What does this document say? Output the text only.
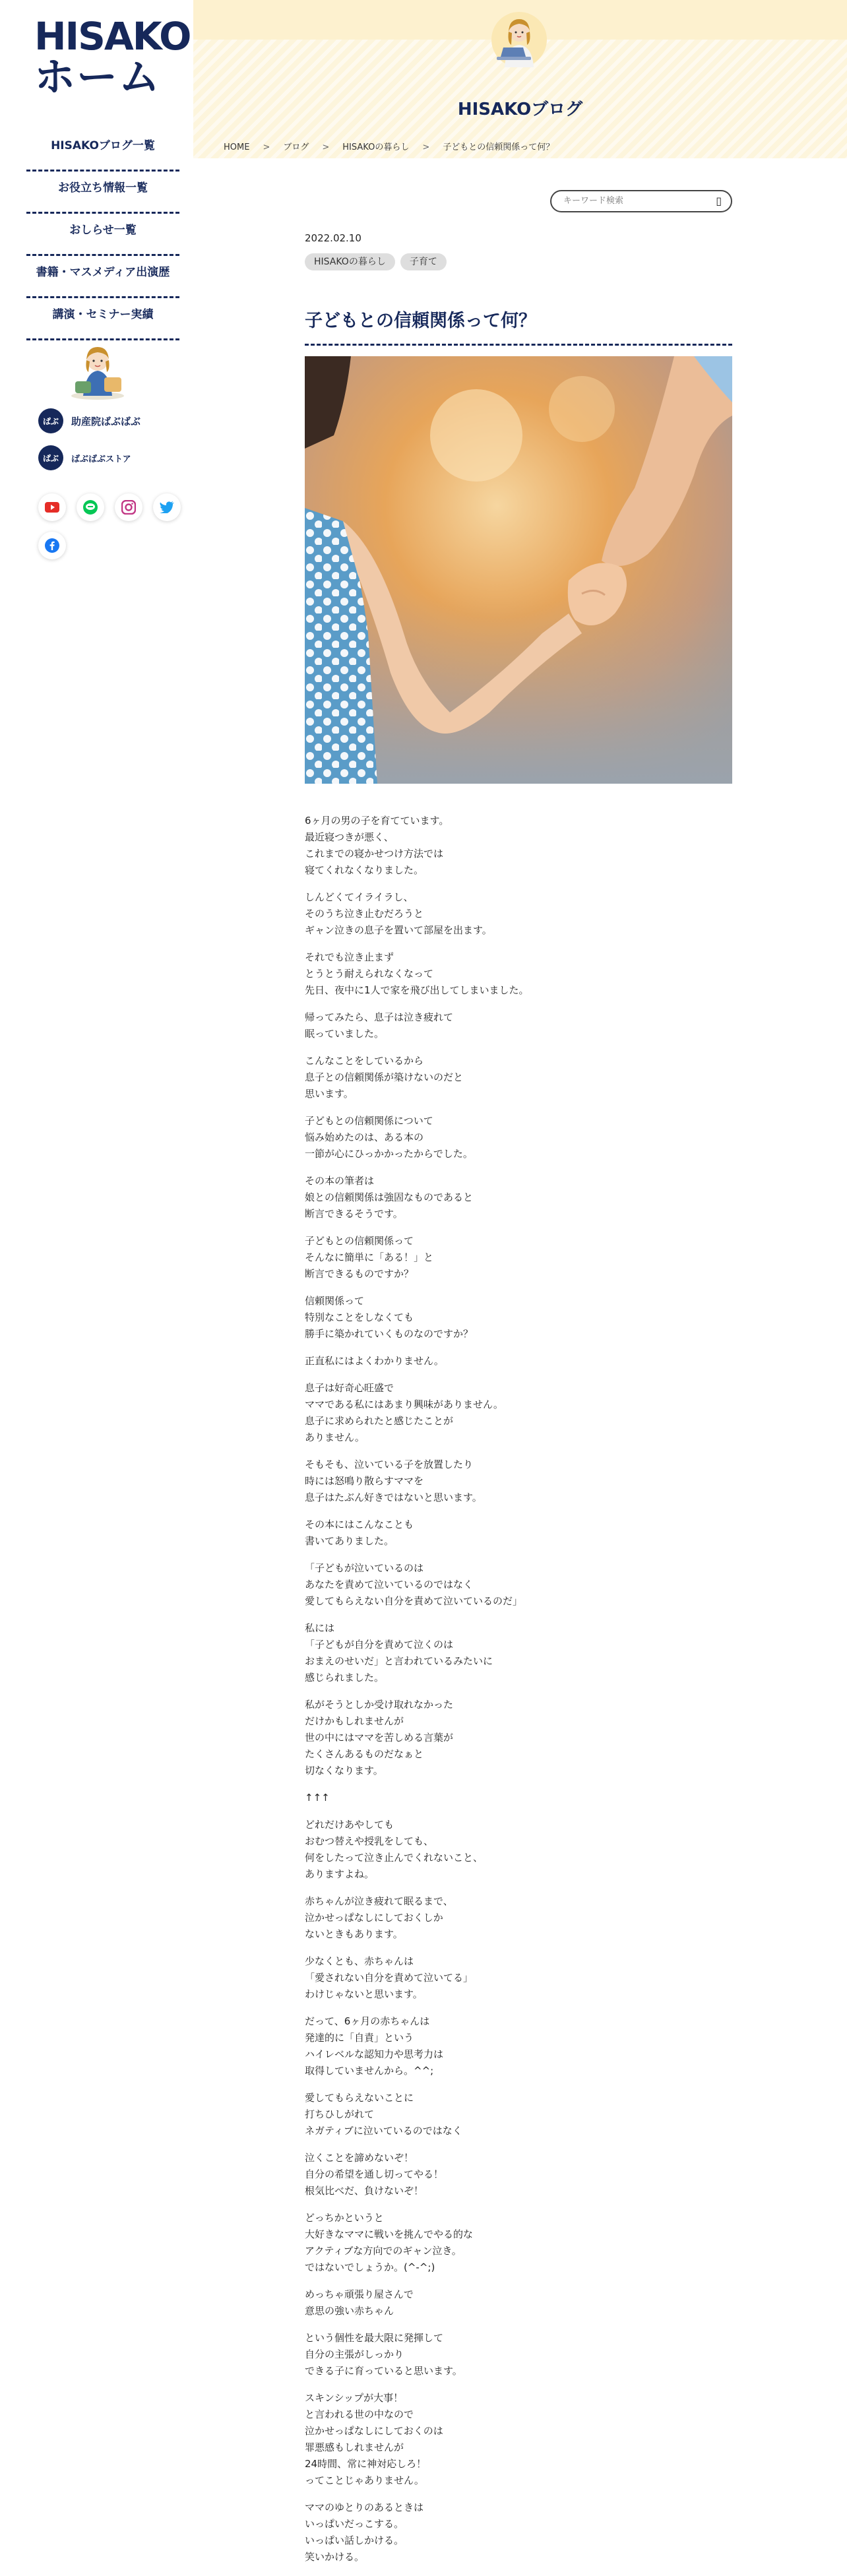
HISAKO
ホーム
HISAKOブログ一覧
お役立ち情報一覧
おしらせ一覧
書籍・マスメディア出演歴
講演・セミナー実績
ぱぶ	助産院ばぶばぶ
ぱぶ	ばぶばぶストア
HISAKOブログ
HOME > ブログ > HISAKOの暮らし > 子どもとの信頼関係って何？
キーワード検索
▯
2022.02.10
HISAKOの暮らし	子育て
子どもとの信頼関係って何？

6ヶ月の男の子を育てています。
最近寝つきが悪く、
これまでの寝かせつけ方法では
寝てくれなくなりました。

しんどくてイライラし、
そのうち泣き止むだろうと
ギャン泣きの息子を置いて部屋を出ます。

それでも泣き止まず
とうとう耐えられなくなって
先日、夜中に1人で家を飛び出してしまいました。

帰ってみたら、息子は泣き疲れて
眠っていました。

こんなことをしているから
息子との信頼関係が築けないのだと
思います。

子どもとの信頼関係について
悩み始めたのは、ある本の
一節が心にひっかかったからでした。

その本の筆者は
娘との信頼関係は強固なものであると
断言できるそうです。

子どもとの信頼関係って
そんなに簡単に「ある！」と
断言できるものですか？

信頼関係って
特別なことをしなくても
勝手に築かれていくものなのですか？

正直私にはよくわかりません。

息子は好奇心旺盛で
ママである私にはあまり興味がありません。
息子に求められたと感じたことが
ありません。

そもそも、泣いている子を放置したり
時には怒鳴り散らすママを
息子はたぶん好きではないと思います。

その本にはこんなことも
書いてありました。

「子どもが泣いているのは
あなたを責めて泣いているのではなく
愛してもらえない自分を責めて泣いているのだ」

私には
「子どもが自分を責めて泣くのは
おまえのせいだ」と言われているみたいに
感じられました。

私がそうとしか受け取れなかった
だけかもしれませんが
世の中にはママを苦しめる言葉が
たくさんあるものだなぁと
切なくなります。

↑↑↑

どれだけあやしても
おむつ替えや授乳をしても、
何をしたって泣き止んでくれないこと、
ありますよね。

赤ちゃんが泣き疲れて眠るまで、
泣かせっぱなしにしておくしか
ないときもあります。

少なくとも、赤ちゃんは
「愛されない自分を責めて泣いてる」
わけじゃないと思います。

だって、6ヶ月の赤ちゃんは
発達的に「自責」という
ハイレベルな認知力や思考力は
取得していませんから。^^;

愛してもらえないことに
打ちひしがれて
ネガティブに泣いているのではなく

泣くことを諦めないぞ！
自分の希望を通し切ってやる！
根気比べだ、負けないぞ！

どっちかというと
大好きなママに戦いを挑んでやる的な
アクティブな方向でのギャン泣き。
ではないでしょうか。(^-^;)

めっちゃ頑張り屋さんで
意思の強い赤ちゃん

という個性を最大限に発揮して
自分の主張がしっかり
できる子に育っていると思います。

スキンシップが大事！
と言われる世の中なので
泣かせっぱなしにしておくのは
罪悪感もしれませんが
24時間、常に神対応しろ！
ってことじゃありません。

ママのゆとりのあるときは
いっぱいだっこする。
いっぱい話しかける。
笑いかける。
